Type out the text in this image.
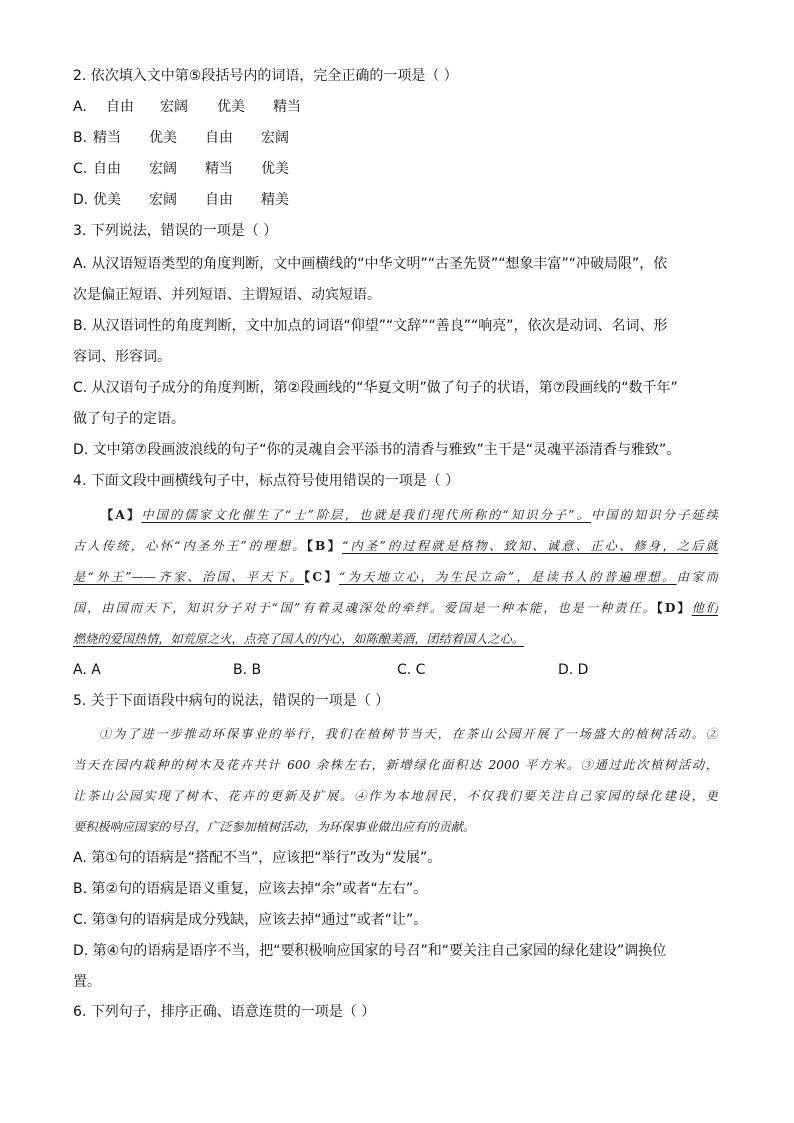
2. 依次填入文中第⑤段括号内的词语，完全正确的一项是（ ）
A. 自由 宏阔 优美 精当
B. 精当 优美 自由 宏阔
C. 自由 宏阔 精当 优美
D. 优美 宏阔 自由 精美
3. 下列说法，错误的一项是（ ）
A. 从汉语短语类型的角度判断，文中画横线的“中华文明”“古圣先贤”“想象丰富”“冲破局限”，依
次是偏正短语、并列短语、主谓短语、动宾短语。
B. 从汉语词性的角度判断，文中加点的词语“仰望”“文辞”“善良”“响亮”，依次是动词、名词、形
容词、形容词。
C. 从汉语句子成分的角度判断，第②段画线的“华夏文明”做了句子的状语，第⑦段画线的“数千年”
做了句子的定语。
D. 文中第⑦段画波浪线的句子“你的灵魂自会平添书的清香与雅致”主干是“灵魂平添清香与雅致”。
4. 下面文段中画横线句子中，标点符号使用错误的一项是（ ）
【A】中国的儒家文化催生了“士”阶层，也就是我们现代所称的“知识分子”。中国的知识分子延续
古人传统，心怀“内圣外王”的理想。【B】“内圣”的过程就是格物、致知、诚意、正心、修身，之后就
是“外王”——齐家、治国、平天下。【C】“为天地立心，为生民立命”，是读书人的普遍理想。由家而
国，由国而天下，知识分子对于“国”有着灵魂深处的牵绊。爱国是一种本能，也是一种责任。【D】他们
燃烧的爱国热情，如荒原之火，点亮了国人的内心，如陈酿美酒，团结着国人之心。
A. A	B. B	C. C	D. D
5. 关于下面语段中病句的说法，错误的一项是（ ）
①为了进一步推动环保事业的举行，我们在植树节当天，在茶山公园开展了一场盛大的植树活动。②
当天在园内栽种的树木及花卉共计 600 余株左右，新增绿化面积达 2000 平方米。③通过此次植树活动，
让茶山公园实现了树木、花卉的更新及扩展。④作为本地居民，不仅我们要关注自己家园的绿化建设，更
要积极响应国家的号召，广泛参加植树活动，为环保事业做出应有的贡献。
A. 第①句的语病是“搭配不当”，应该把“举行”改为“发展”。
B. 第②句的语病是语义重复，应该去掉“余”或者“左右”。
C. 第③句的语病是成分残缺，应该去掉“通过”或者“让”。
D. 第④句的语病是语序不当，把“要积极响应国家的号召”和“要关注自己家园的绿化建设”调换位
置。
6. 下列句子，排序正确、语意连贯的一项是（ ）
